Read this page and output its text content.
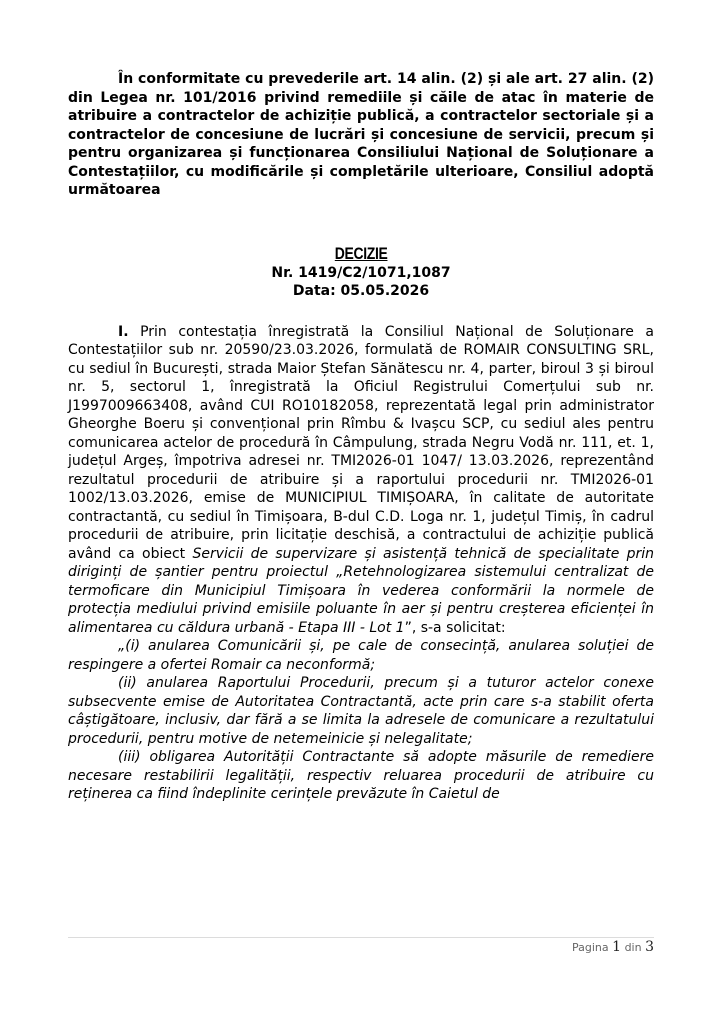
În conformitate cu prevederile art. 14 alin. (2) și ale art. 27 alin. (2) din Legea nr. 101/2016 privind remediile și căile de atac în materie de atribuire a contractelor de achiziție publică, a contractelor sectoriale și a contractelor de concesiune de lucrări și concesiune de servicii, precum și pentru organizarea și funcționarea Consiliului Național de Soluționare a Contestațiilor, cu modificările și completările ulterioare, Consiliul adoptă următoarea

DECIZIE

Nr. 1419/C2/1071,1087

Data: 05.05.2026

I. Prin contestația înregistrată la Consiliul Național de Soluționare a Contestațiilor sub nr. 20590/23.03.2026, formulată de ROMAIR CONSULTING SRL, cu sediul în București, strada Maior Ștefan Sănătescu nr. 4, parter, biroul 3 și biroul nr. 5, sectorul 1, înregistrată la Oficiul Registrului Comerțului sub nr. J1997009663408, având CUI RO10182058, reprezentată legal prin administrator Gheorghe Boeru și convențional prin Rîmbu & Ivașcu SCP, cu sediul ales pentru comunicarea actelor de procedură în Câmpulung, strada Negru Vodă nr. 111, et. 1, județul Argeș, împotriva adresei nr. TMI2026-01 1047/ 13.03.2026, reprezentând rezultatul procedurii de atribuire și a raportului procedurii nr. TMI2026-01 1002/13.03.2026, emise de MUNICIPIUL TIMIȘOARA, în calitate de autoritate contractantă, cu sediul în Timișoara, B-dul C.D. Loga nr. 1, județul Timiș, în cadrul procedurii de atribuire, prin licitație deschisă, a contractului de achiziție publică având ca obiect Servicii de supervizare și asistență tehnică de specialitate prin diriginți de șantier pentru proiectul „Retehnologizarea sistemului centralizat de termoficare din Municipiul Timișoara în vederea conformării la normele de protecția mediului privind emisiile poluante în aer și pentru creșterea eficienței în alimentarea cu căldura urbană - Etapa III - Lot 1”, s-a solicitat:

„(i) anularea Comunicării și, pe cale de consecință, anularea soluției de respingere a ofertei Romair ca neconformă;

(ii) anularea Raportului Procedurii, precum și a tuturor actelor conexe subsecvente emise de Autoritatea Contractantă, acte prin care s-a stabilit oferta câștigătoare, inclusiv, dar fără a se limita la adresele de comunicare a rezultatului procedurii, pentru motive de netemeinicie și nelegalitate;

(iii) obligarea Autorității Contractante să adopte măsurile de remediere necesare restabilirii legalității, respectiv reluarea procedurii de atribuire cu reținerea ca fiind îndeplinite cerințele prevăzute în Caietul de

Pagina 1 din 3
